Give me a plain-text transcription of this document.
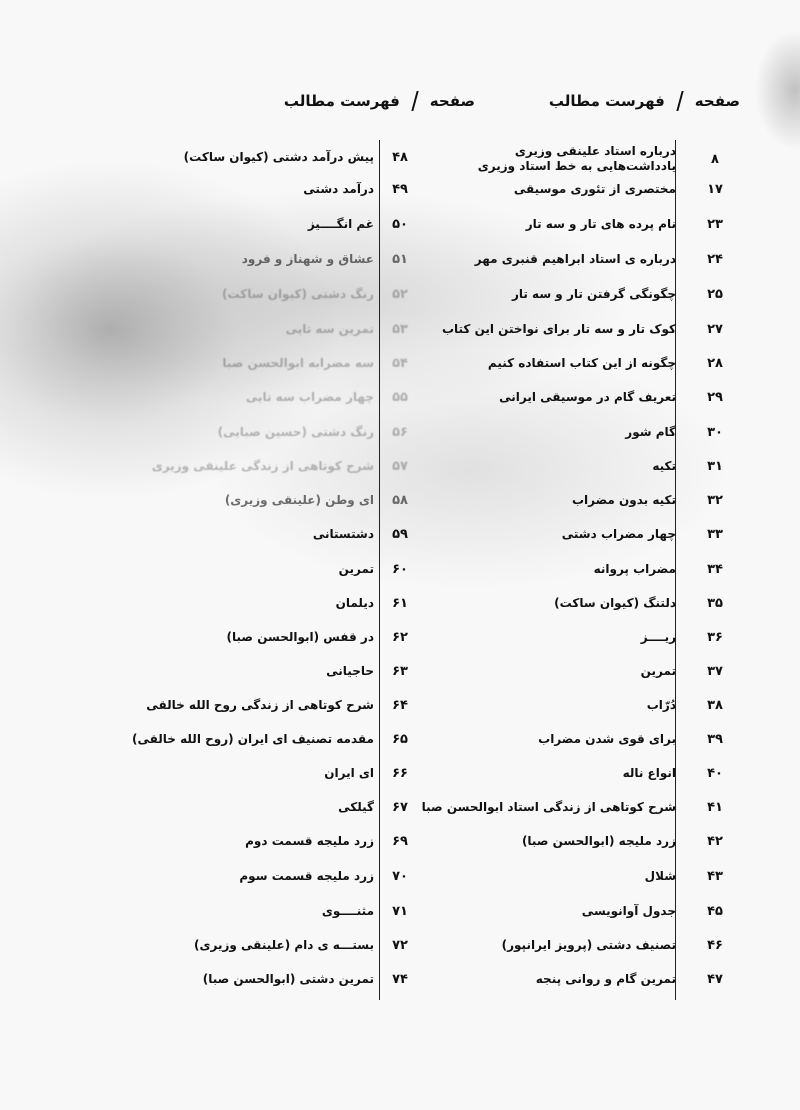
صفحه
فهرست مطالب
۸
درباره استاد علینقی وزیری
یادداشت‌هایی به خط استاد وزیری
۱۷
مختصری از تئوری موسیقی
۲۳
نام پرده های تار و سه تار
۲۴
درباره ی استاد ابراهیم قنبری مهر
۲۵
چگونگی گرفتن تار و سه تار
۲۷
کوک تار و سه تار برای نواختن این کتاب
۲۸
چگونه از این کتاب استفاده کنیم
۲۹
تعریف گام در موسیقی ایرانی
۳۰
گام شور
۳۱
تکیه
۳۲
تکیه بدون مضراب
۳۳
چهار مضراب دشتی
۳۴
مضراب پروانه
۳۵
دلتنگ (کیوان ساکت)
۳۶
ریــــز
۳۷
تمرین
۳۸
دُرّاب
۳۹
برای قوی شدن مضراب
۴۰
انواع ناله
۴۱
شرح کوتاهی از زندگی استاد ابوالحسن صبا
۴۲
زرد ملیجه (ابوالحسن صبا)
۴۳
شلال
۴۵
جدول آوانویسی
۴۶
تصنیف دشتی (پرویز ایرانپور)
۴۷
تمرین گام و روانی پنجه
صفحه
فهرست مطالب
۴۸
پیش درآمد دشتی (کیوان ساکت)
۴۹
درآمد دشتی
۵۰
غم انگــــیز
۵۱
عشاق و شهناز و فرود
۵۲
رنگ دشتی (کیوان ساکت)
۵۳
تمرین سه تایی
۵۴
سه مضرابه ابوالحسن صبا
۵۵
چهار مضراب سه تایی
۵۶
رنگ دشتی (حسین صبایی)
۵۷
شرح کوتاهی از زندگی علینقی وزیری
۵۸
ای وطن (علینقی وزیری)
۵۹
دشتستانی
۶۰
تمرین
۶۱
دیلمان
۶۲
در قفس (ابوالحسن صبا)
۶۳
حاجیانی
۶۴
شرح کوتاهی از زندگی روح الله خالقی
۶۵
مقدمه تصنیف ای ایران (روح الله خالقی)
۶۶
ای ایران
۶۷
گیلکی
۶۹
زرد ملیجه قسمت دوم
۷۰
زرد ملیجه قسمت سوم
۷۱
مثنــــوی
۷۲
بستـــه ی دام (علینقی وزیری)
۷۴
تمرین دشتی (ابوالحسن صبا)
